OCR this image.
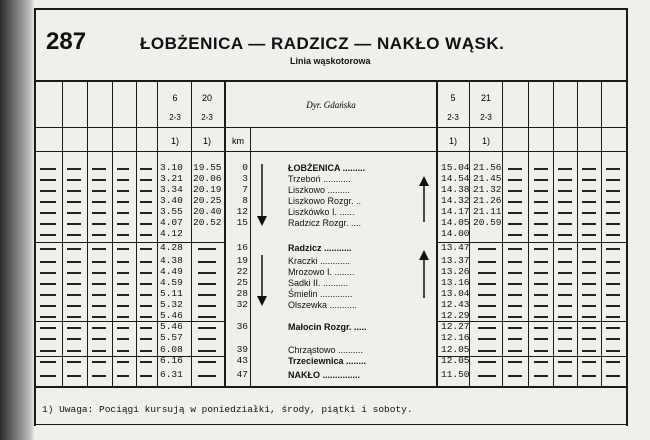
287	ŁOBŻENICA — RADZICZ — NAKŁO WĄSK.
Linia wąskotorowa
6
2-3
1)
20
2-3
1)
Dyr. Gdańska
km
5
2-3
1)
21
2-3
1)
3.10 19.55	0	ŁOBŻENICA .........	15.04 21.56
3.21 20.06	3	Trzeboń ...........	14.54 21.45
3.34 20.19	7	Liszkowo .........	14.38 21.32
3.40 20.25	8	Liszkowo Rozgr. ..	14.32 21.26
3.55 20.40	12	Liszkówko I. ......	14.17 21.11
4.07 20.52	15	Radzicz Rozgr. ....	14.05 20.59
4.12	14.00
4.28	16	Radzicz ...........	13.47
4.38	19	Kraczki ............	13.37
4.49	22	Mrozowo I. ........	13.26
4.59	25	Sadki II. ..........	13.16
5.11	28	Śmielin .............	13.04
5.32	32	Olszewka ...........	12.43
5.46	12.29
5.46	36	Małocin Rozgr. .....	12.27
5.57	12.16
6.08	39	Chrząstowo ..........	12.05
6.16	43	Trzeciewnica ........	12.05
6.31	47	NAKŁO ...............	11.50
1) Uwaga: Pociągi kursują w poniedziałki, środy, piątki i soboty.
